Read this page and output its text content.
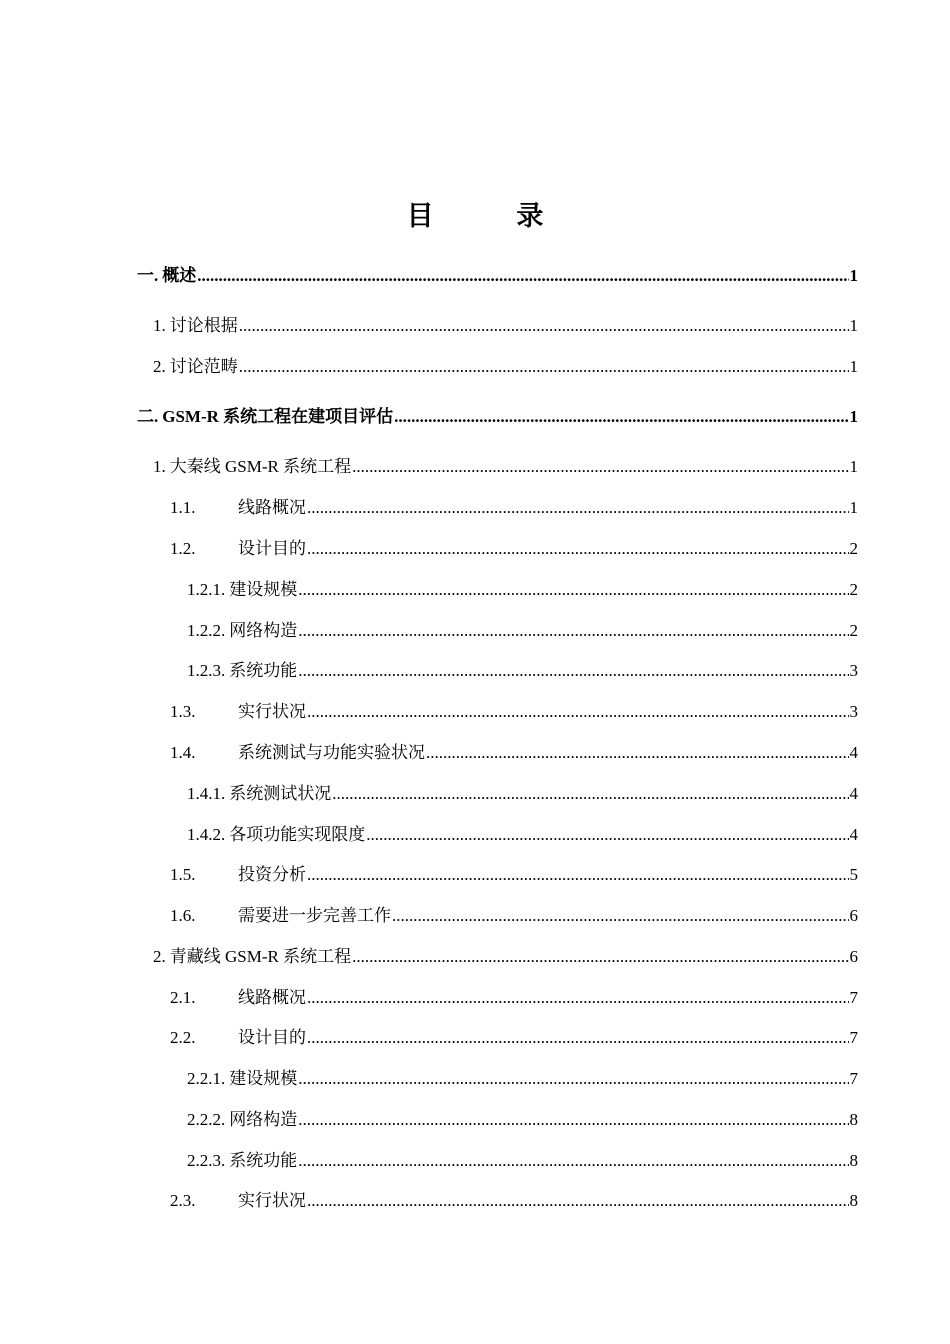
目 录
一. 概述 .....	1
1. 讨论根据 .....	1
2. 讨论范畴 .....	1
二. GSM-R 系统工程在建项目评估 .....	1
1. 大秦线 GSM-R 系统工程 .....	1
1.1.	线路概况 .....	1
1.2.	设计目的 .....	2
1.2.1. 建设规模 .....	2
1.2.2. 网络构造 .....	2
1.2.3. 系统功能 .....	3
1.3.	实行状况 .....	3
1.4.	系统测试与功能实验状况 .....	4
1.4.1. 系统测试状况 .....	4
1.4.2. 各项功能实现限度 .....	4
1.5.	投资分析 .....	5
1.6.	需要进一步完善工作 .....	6
2. 青藏线 GSM-R 系统工程 .....	6
2.1.	线路概况 .....	7
2.2.	设计目的 .....	7
2.2.1. 建设规模 .....	7
2.2.2. 网络构造 .....	8
2.2.3. 系统功能 .....	8
2.3.	实行状况 .....	8
